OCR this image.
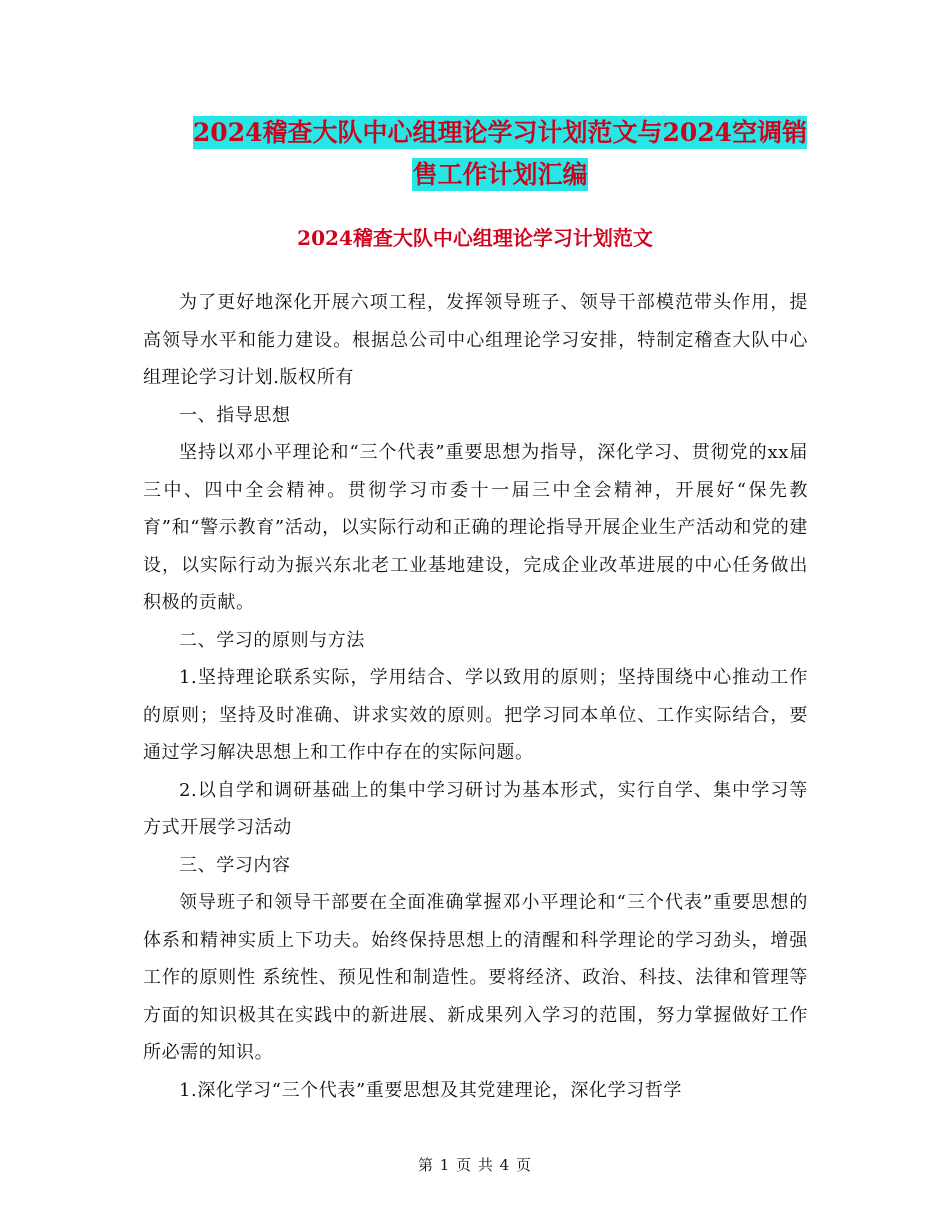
2024稽查大队中心组理论学习计划范文与2024空调销
售工作计划汇编
2024稽查大队中心组理论学习计划范文

为了更好地深化开展六项工程，发挥领导班子、领导干部模范带头作用，提高领导水平和能力建设。根据总公司中心组理论学习安排，特制定稽查大队中心组理论学习计划.版权所有

一、指导思想

坚持以邓小平理论和“三个代表”重要思想为指导，深化学习、贯彻党的xx届三中、四中全会精神。贯彻学习市委十一届三中全会精神，开展好“保先教育”和“警示教育”活动，以实际行动和正确的理论指导开展企业生产活动和党的建设，以实际行动为振兴东北老工业基地建设，完成企业改革进展的中心任务做出积极的贡献。

二、学习的原则与方法

1.坚持理论联系实际，学用结合、学以致用的原则；坚持围绕中心推动工作的原则；坚持及时准确、讲求实效的原则。把学习同本单位、工作实际结合，要通过学习解决思想上和工作中存在的实际问题。

2.以自学和调研基础上的集中学习研讨为基本形式，实行自学、集中学习等方式开展学习活动

三、学习内容

领导班子和领导干部要在全面准确掌握邓小平理论和“三个代表”重要思想的体系和精神实质上下功夫。始终保持思想上的清醒和科学理论的学习劲头，增强工作的原则性 系统性、预见性和制造性。要将经济、政治、科技、法律和管理等方面的知识极其在实践中的新进展、新成果列入学习的范围，努力掌握做好工作所必需的知识。

1.深化学习“三个代表”重要思想及其党建理论，深化学习哲学

第 1 页 共 4 页
